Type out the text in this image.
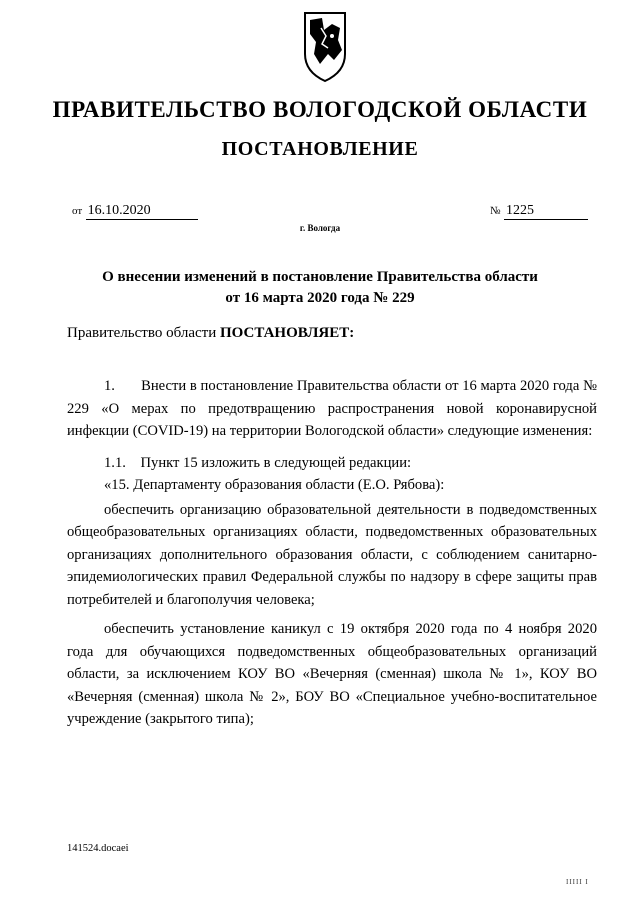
ПРАВИТЕЛЬСТВО ВОЛОГОДСКОЙ ОБЛАСТИ
ПОСТАНОВЛЕНИЕ
от 16.10.2020	№ 1225
г. Вологда
О внесении изменений в постановление Правительства области
от 16 марта 2020 года № 229
Правительство области ПОСТАНОВЛЯЕТ:

1.       Внести в постановление Правительства области от 16 марта 2020 года № 229 «О мерах по предотвращению распространения новой коронавирусной инфекции (COVID-19) на территории Вологодской области» следующие изменения:

1.1.    Пункт 15 изложить в следующей редакции:

«15. Департаменту образования области (Е.О. Рябова):

обеспечить организацию образовательной деятельности в подведомственных общеобразовательных организациях области, подведомственных образовательных организациях дополнительного образования области, с соблюдением санитарно-эпидемиологических правил Федеральной службы по надзору в сфере защиты прав потребителей и благополучия человека;

обеспечить установление каникул с 19 октября 2020 года по 4 ноября 2020 года для обучающихся подведомственных общеобразовательных организаций области, за исключением КОУ ВО «Вечерняя (сменная) школа № 1», КОУ ВО «Вечерняя (сменная) школа № 2», БОУ ВО «Специальное учебно-воспитательное учреждение (закрытого типа);

141524.docaei
IIIII I
